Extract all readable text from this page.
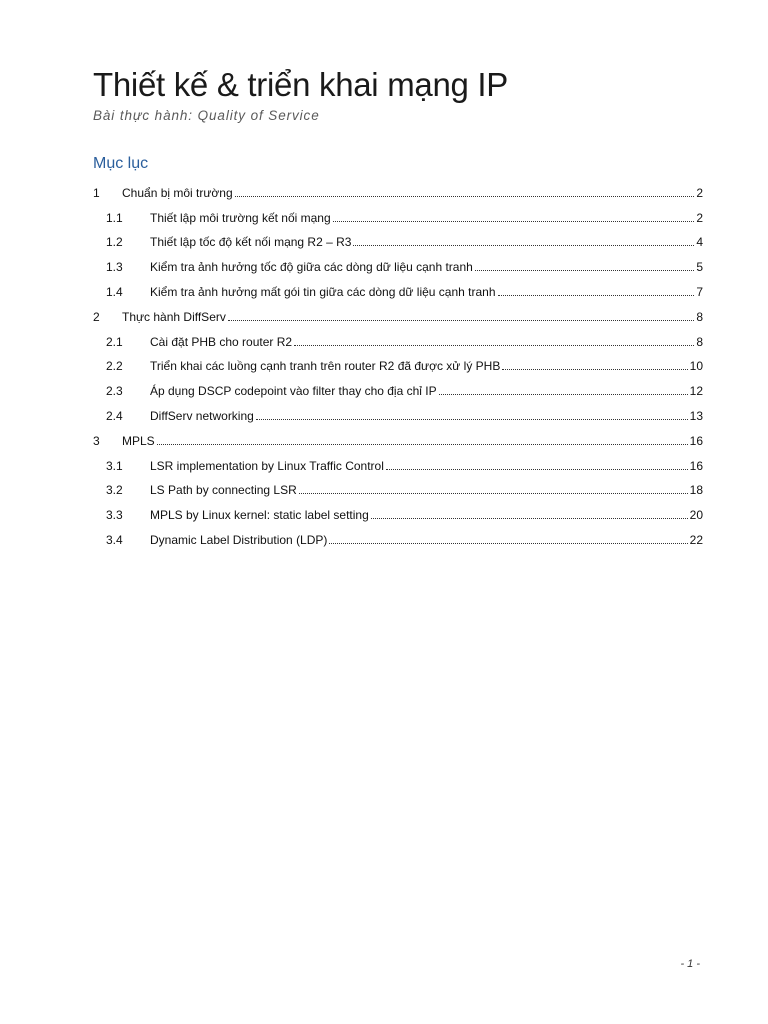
Thiết kế & triển khai mạng IP
Bài thực hành: Quality of Service
Mục lục
1	Chuẩn bị môi trường	2
1.1	Thiết lập môi trường kết nối mạng	2
1.2	Thiết lập tốc độ kết nối mạng R2 – R3	4
1.3	Kiểm tra ảnh hưởng tốc độ giữa các dòng dữ liệu cạnh tranh	5
1.4	Kiểm tra ảnh hưởng mất gói tin giữa các dòng dữ liệu cạnh tranh	7
2	Thực hành DiffServ	8
2.1	Cài đặt PHB cho router R2	8
2.2	Triển khai các luồng cạnh tranh trên router R2 đã được xử lý PHB	10
2.3	Áp dụng DSCP codepoint vào filter thay cho địa chỉ IP	12
2.4	DiffServ networking	13
3	MPLS	16
3.1	LSR implementation by Linux Traffic Control	16
3.2	LS Path by connecting LSR	18
3.3	MPLS by Linux kernel: static label setting	20
3.4	Dynamic Label Distribution (LDP)	22
- 1 -
